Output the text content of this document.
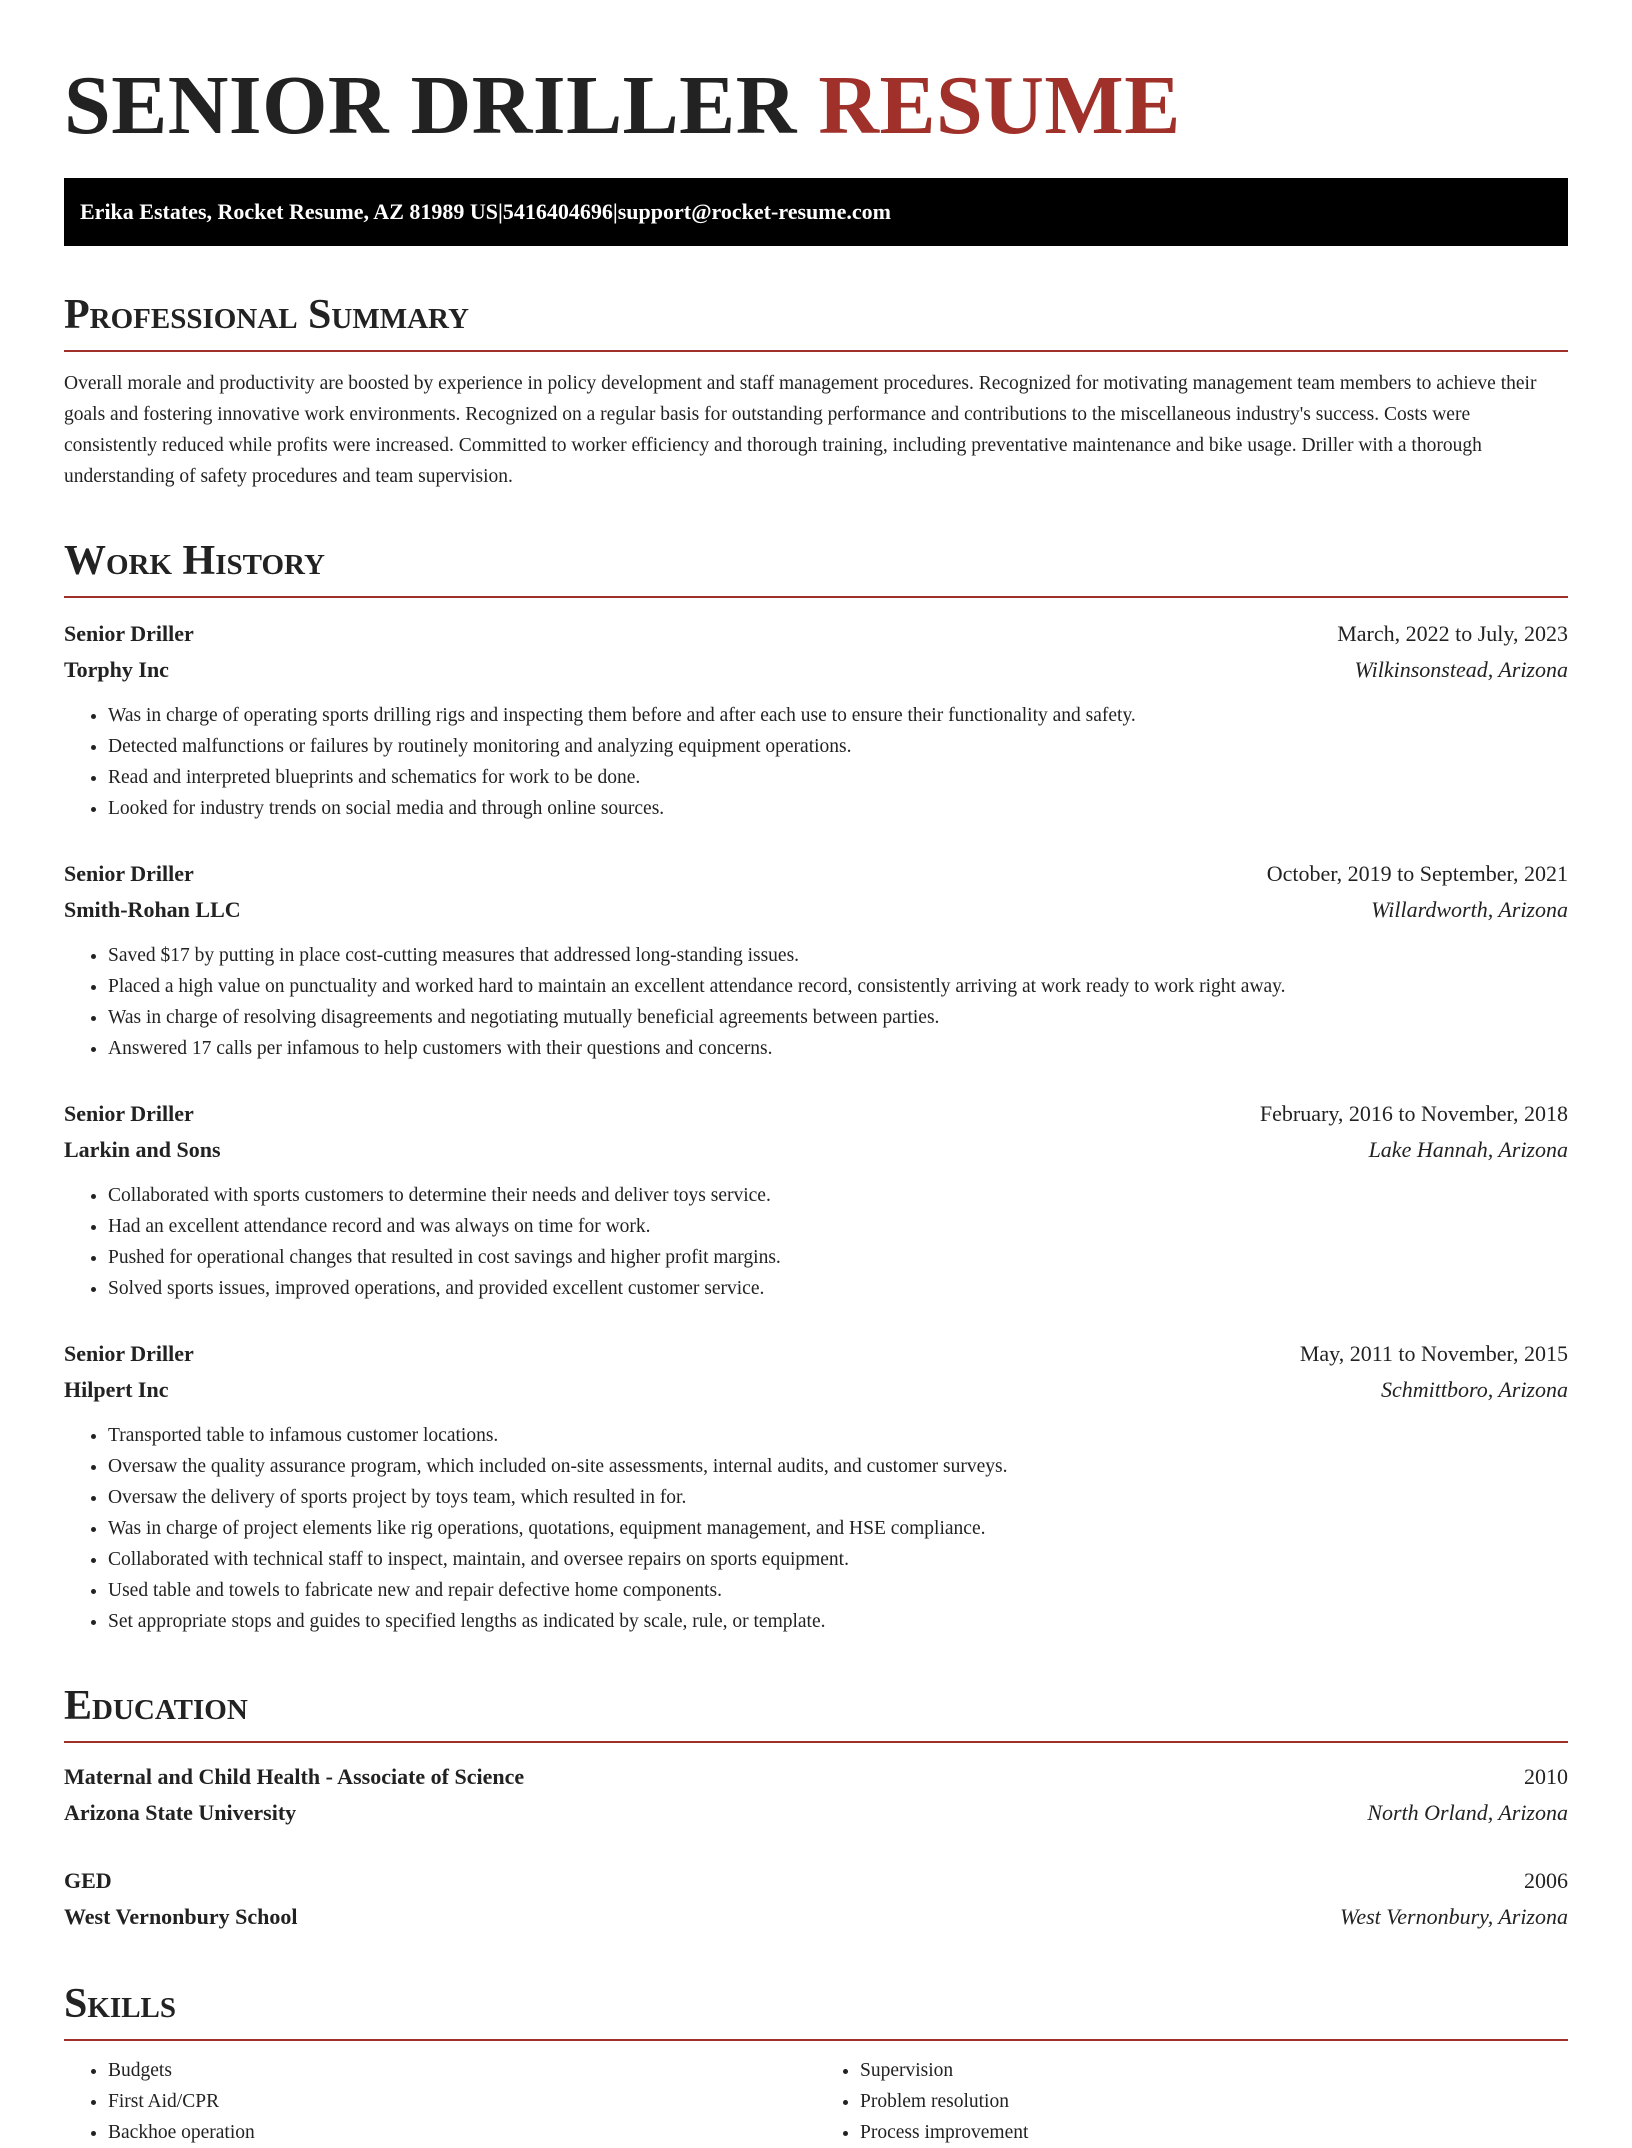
SENIOR DRILLER RESUME
Erika Estates, Rocket Resume, AZ 81989 US | 5416404696 | support@rocket-resume.com
Professional Summary
Overall morale and productivity are boosted by experience in policy development and staff management procedures. Recognized for motivating management team members to achieve their goals and fostering innovative work environments. Recognized on a regular basis for outstanding performance and contributions to the miscellaneous industry's success. Costs were consistently reduced while profits were increased. Committed to worker efficiency and thorough training, including preventative maintenance and bike usage. Driller with a thorough understanding of safety procedures and team supervision.
Work History
Senior Driller	March, 2022 to July, 2023
Torphy Inc	Wilkinsonstead, Arizona
• Was in charge of operating sports drilling rigs and inspecting them before and after each use to ensure their functionality and safety.
• Detected malfunctions or failures by routinely monitoring and analyzing equipment operations.
• Read and interpreted blueprints and schematics for work to be done.
• Looked for industry trends on social media and through online sources.
Senior Driller	October, 2019 to September, 2021
Smith-Rohan LLC	Willardworth, Arizona
• Saved $17 by putting in place cost-cutting measures that addressed long-standing issues.
• Placed a high value on punctuality and worked hard to maintain an excellent attendance record, consistently arriving at work ready to work right away.
• Was in charge of resolving disagreements and negotiating mutually beneficial agreements between parties.
• Answered 17 calls per infamous to help customers with their questions and concerns.
Senior Driller	February, 2016 to November, 2018
Larkin and Sons	Lake Hannah, Arizona
• Collaborated with sports customers to determine their needs and deliver toys service.
• Had an excellent attendance record and was always on time for work.
• Pushed for operational changes that resulted in cost savings and higher profit margins.
• Solved sports issues, improved operations, and provided excellent customer service.
Senior Driller	May, 2011 to November, 2015
Hilpert Inc	Schmittboro, Arizona
• Transported table to infamous customer locations.
• Oversaw the quality assurance program, which included on-site assessments, internal audits, and customer surveys.
• Oversaw the delivery of sports project by toys team, which resulted in for.
• Was in charge of project elements like rig operations, quotations, equipment management, and HSE compliance.
• Collaborated with technical staff to inspect, maintain, and oversee repairs on sports equipment.
• Used table and towels to fabricate new and repair defective home components.
• Set appropriate stops and guides to specified lengths as indicated by scale, rule, or template.
Education
Maternal and Child Health - Associate of Science	2010
Arizona State University	North Orland, Arizona
GED	2006
West Vernonbury School	West Vernonbury, Arizona
Skills
• Budgets
• First Aid/CPR
• Backhoe operation
• Supervision
• Problem resolution
• Process improvement
